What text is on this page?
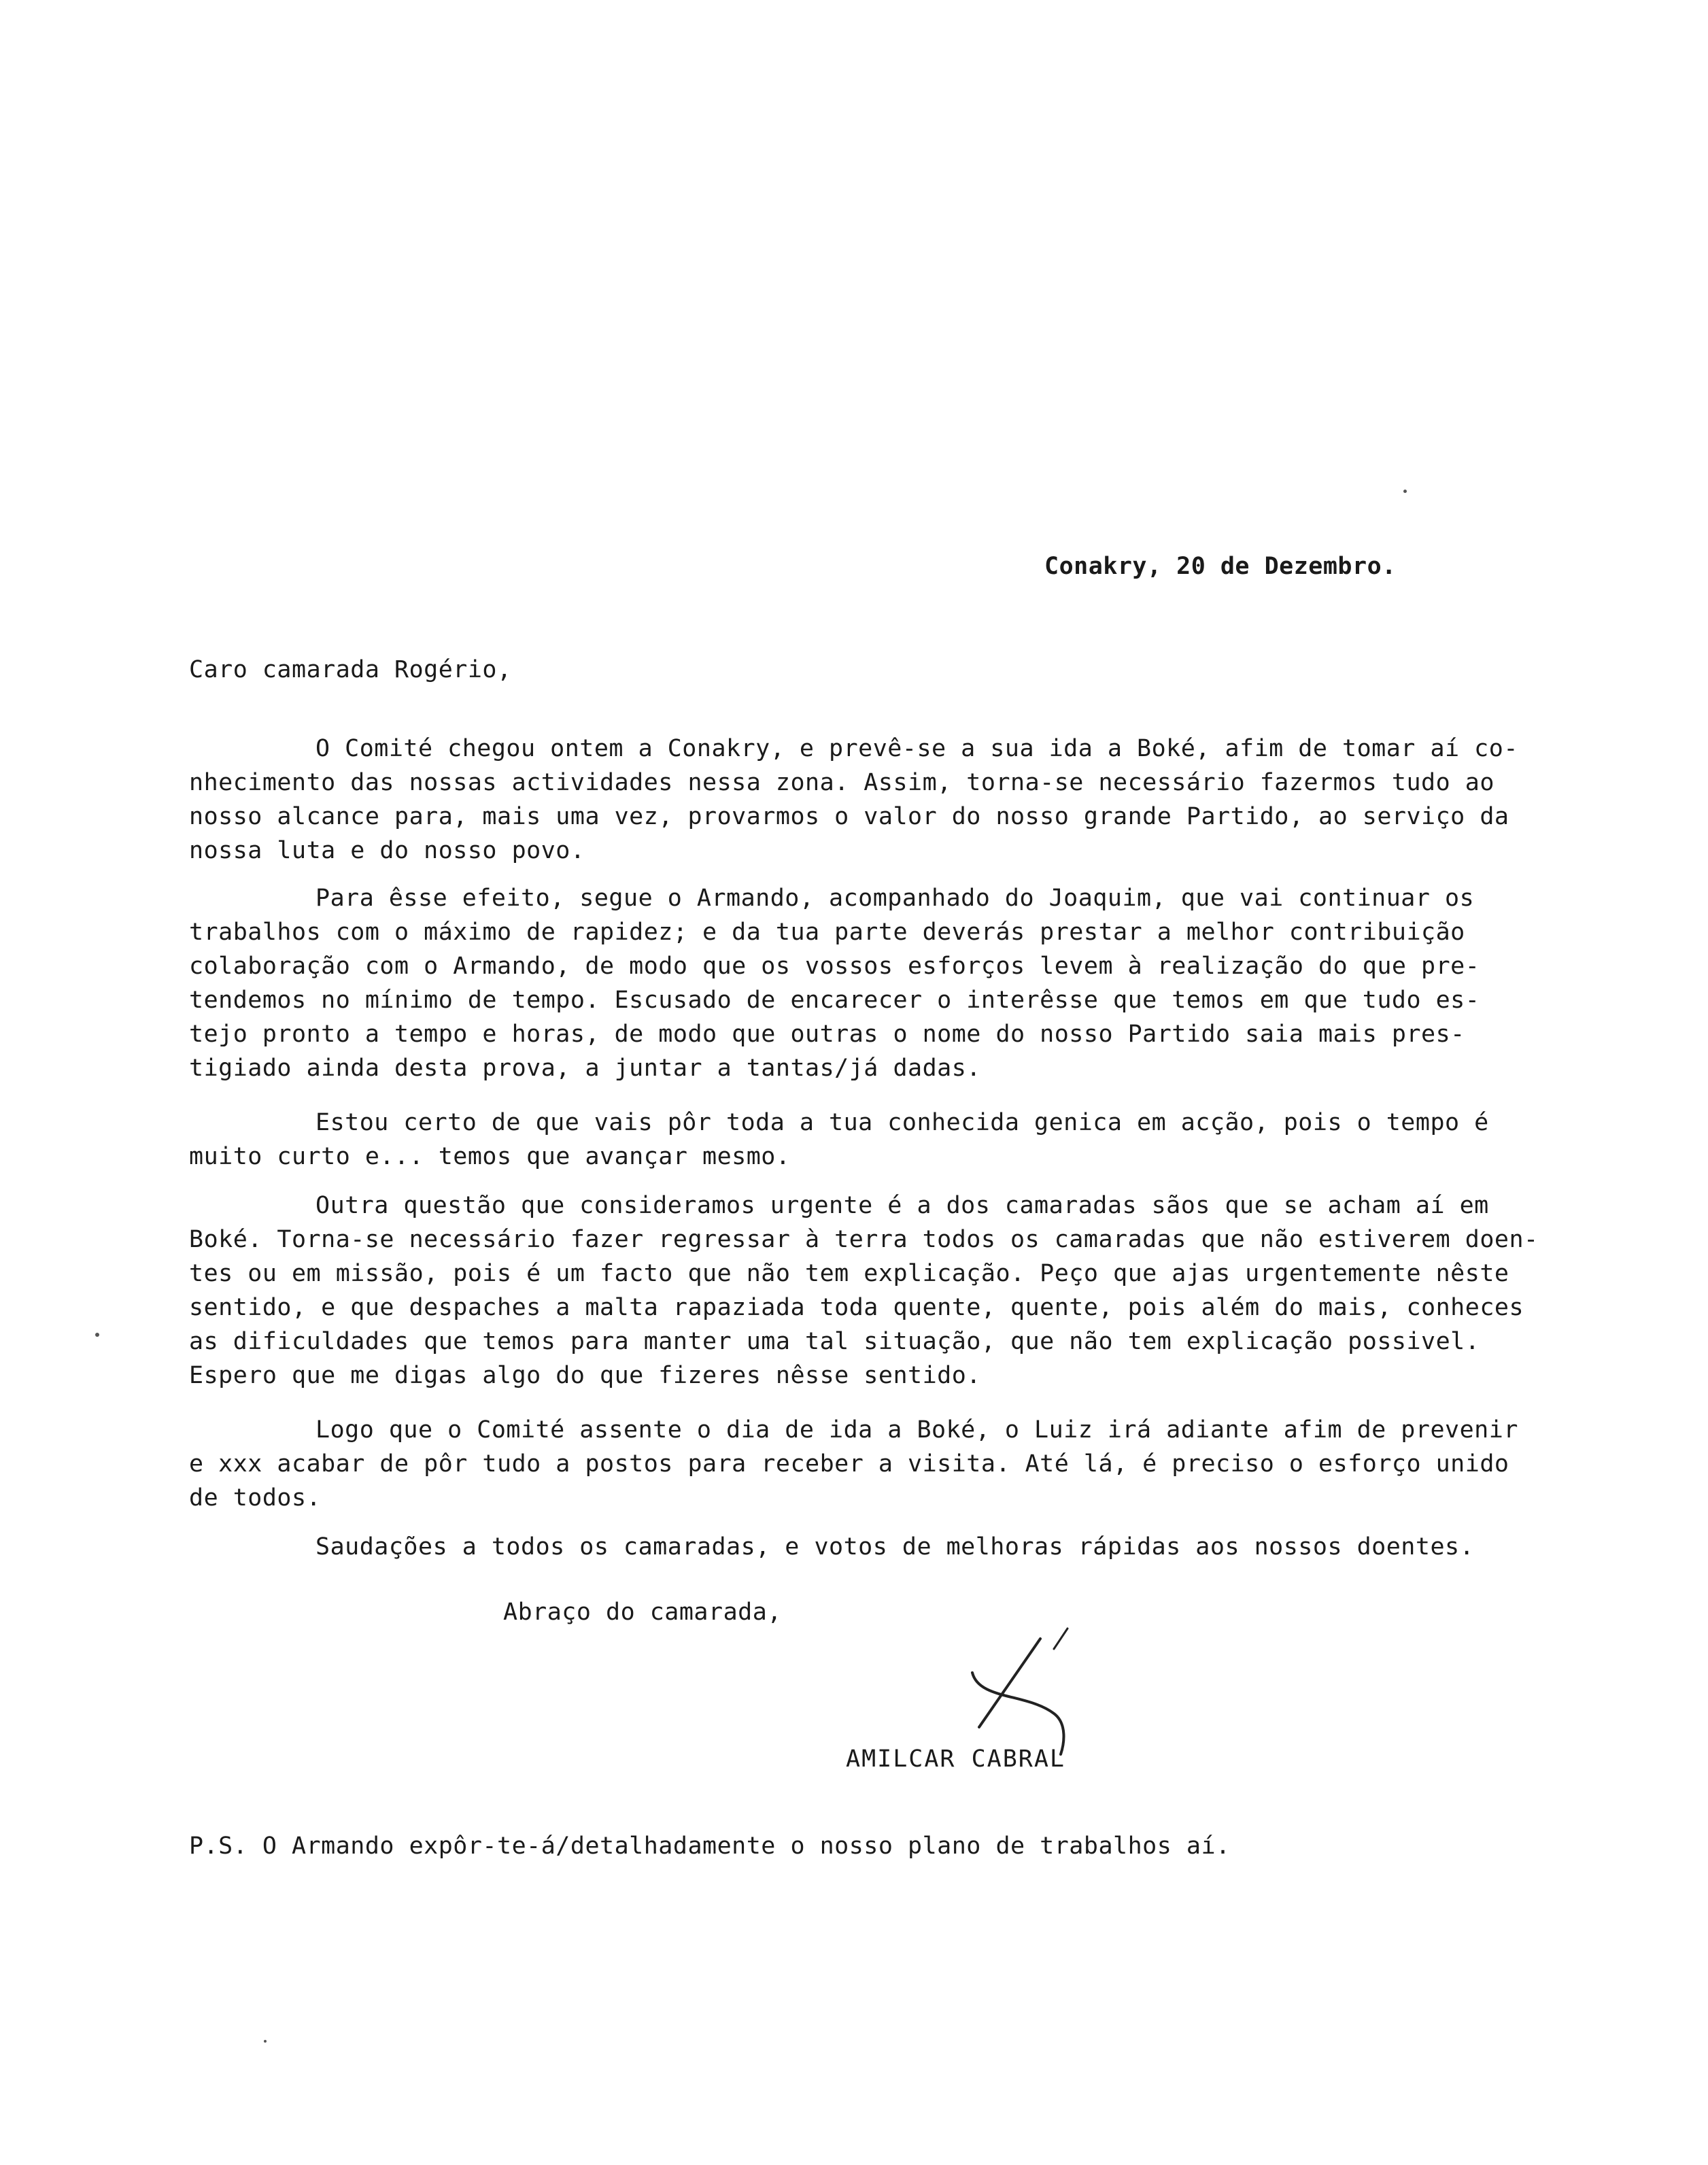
Conakry, 20 de Dezembro.
Caro camarada Rogério,
O Comité chegou ontem a Conakry, e prevê-se a sua ida a Boké, afim de tomar aí co-
nhecimento das nossas actividades nessa zona. Assim, torna-se necessário fazermos tudo ao
nosso alcance para, mais uma vez, provarmos o valor do nosso grande Partido, ao serviço da
nossa luta e do nosso povo.
Para êsse efeito, segue o Armando, acompanhado do Joaquim, que vai continuar os
trabalhos com o máximo de rapidez; e da tua parte deverás prestar a melhor contribuição
colaboração com o Armando, de modo que os vossos esforços levem à realização do que pre-
tendemos no mínimo de tempo. Escusado de encarecer o interêsse que temos em que tudo es-
tejo pronto a tempo e horas, de modo que outras o nome do nosso Partido saia mais pres-
tigiado ainda desta prova, a juntar a tantas/já dadas.
Estou certo de que vais pôr toda a tua conhecida genica em acção, pois o tempo é
muito curto e... temos que avançar mesmo.
Outra questão que consideramos urgente é a dos camaradas sãos que se acham aí em
Boké. Torna-se necessário fazer regressar à terra todos os camaradas que não estiverem doen-
tes ou em missão, pois é um facto que não tem explicação. Peço que ajas urgentemente nêste
sentido, e que despaches a malta rapaziada toda quente, quente, pois além do mais, conheces
as dificuldades que temos para manter uma tal situação, que não tem explicação possivel.
Espero que me digas algo do que fizeres nêsse sentido.
Logo que o Comité assente o dia de ida a Boké, o Luiz irá adiante afim de prevenir
e xxx acabar de pôr tudo a postos para receber a visita. Até lá, é preciso o esforço unido
de todos.
Saudações a todos os camaradas, e votos de melhoras rápidas aos nossos doentes.
Abraço do camarada,
AMILCAR CABRAL
P.S. O Armando expôr-te-á/detalhadamente o nosso plano de trabalhos aí.
